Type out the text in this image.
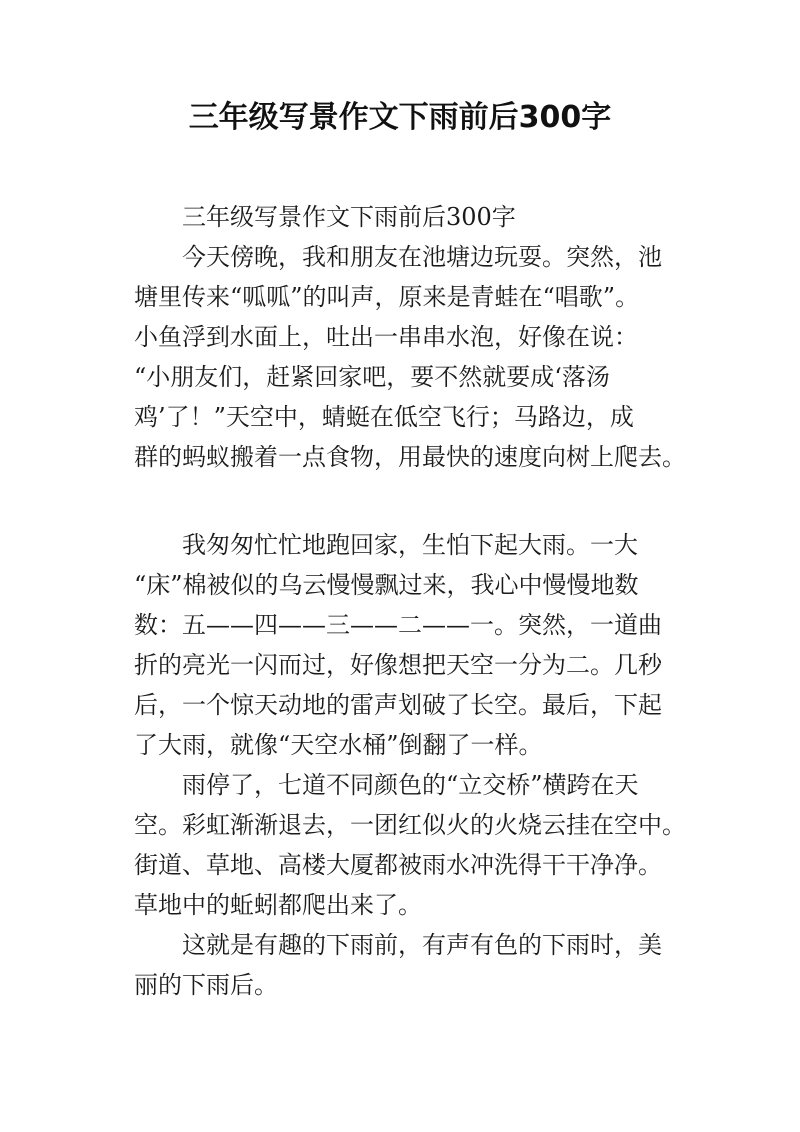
三年级写景作文下雨前后300字
三年级写景作文下雨前后300字
今天傍晚，我和朋友在池塘边玩耍。突然，池
塘里传来“呱呱”的叫声，原来是青蛙在“唱歌”。
小鱼浮到水面上，吐出一串串水泡，好像在说：
“小朋友们，赶紧回家吧，要不然就要成‘落汤
鸡’了！”天空中，蜻蜓在低空飞行；马路边，成
群的蚂蚁搬着一点食物，用最快的速度向树上爬去。
我匆匆忙忙地跑回家，生怕下起大雨。一大
“床”棉被似的乌云慢慢飘过来，我心中慢慢地数
数：五——四——三——二——一。突然，一道曲
折的亮光一闪而过，好像想把天空一分为二。几秒
后，一个惊天动地的雷声划破了长空。最后，下起
了大雨，就像“天空水桶”倒翻了一样。
雨停了，七道不同颜色的“立交桥”横跨在天
空。彩虹渐渐退去，一团红似火的火烧云挂在空中。
街道、草地、高楼大厦都被雨水冲洗得干干净净。
草地中的蚯蚓都爬出来了。
这就是有趣的下雨前，有声有色的下雨时，美
丽的下雨后。
